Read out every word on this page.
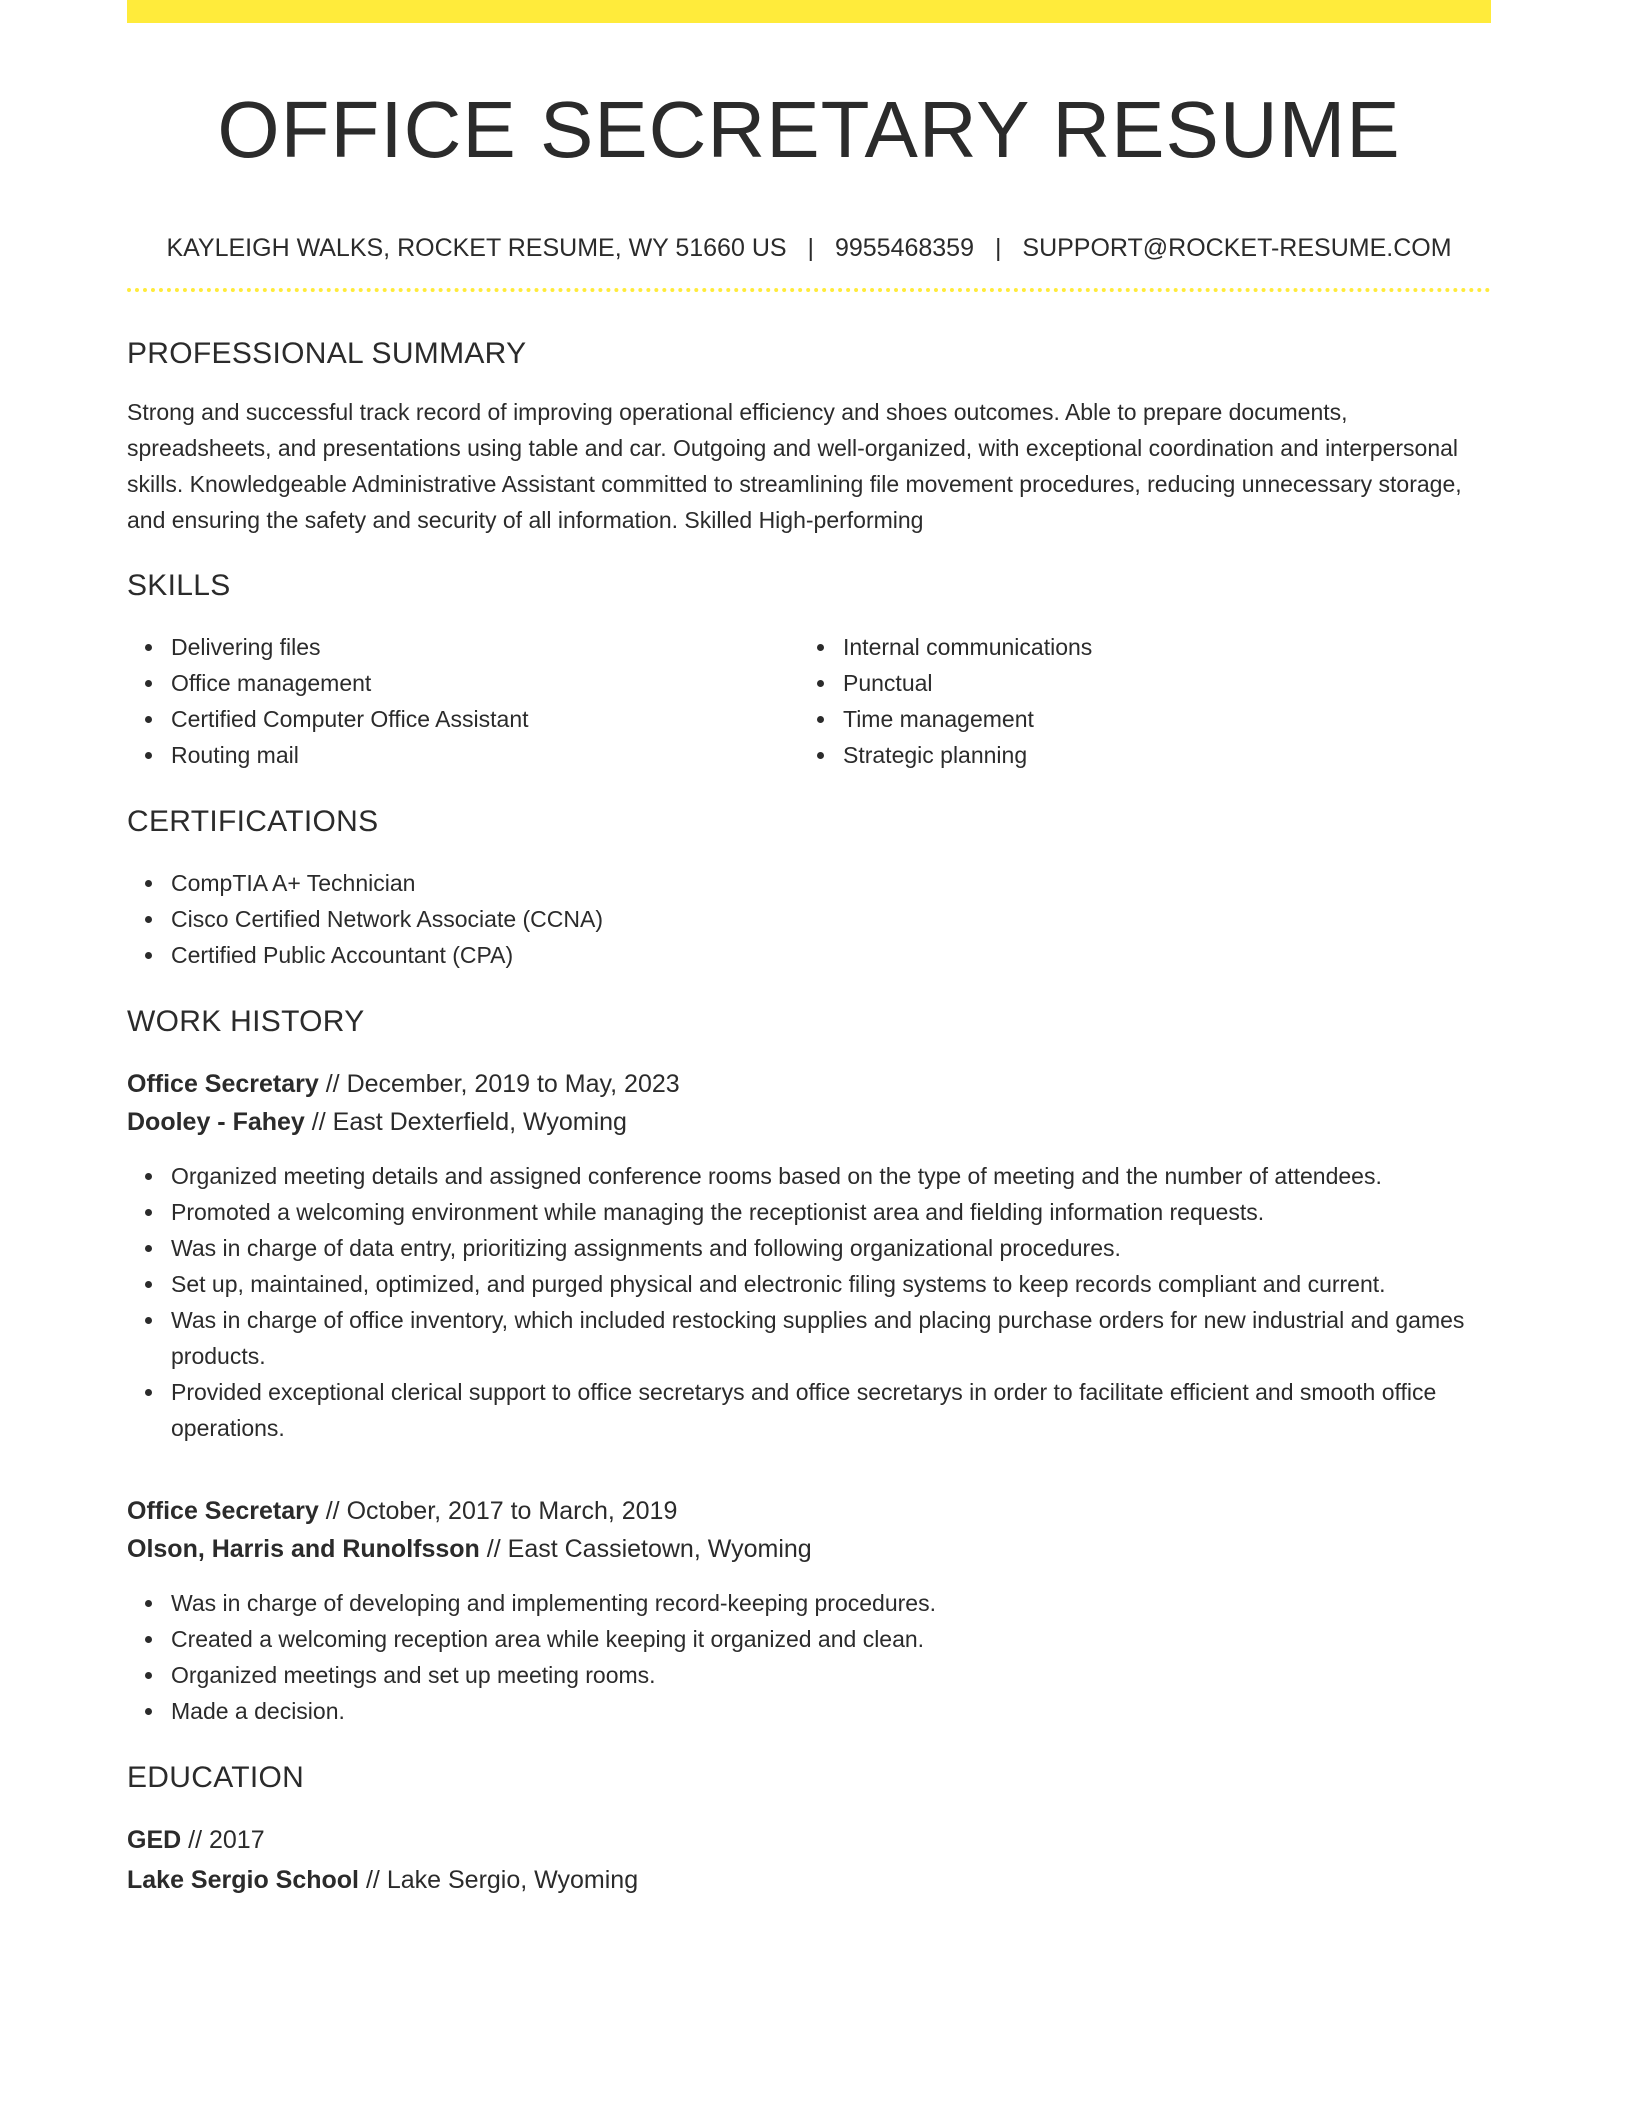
OFFICE SECRETARY RESUME
KAYLEIGH WALKS, ROCKET RESUME, WY 51660 US | 9955468359 | SUPPORT@ROCKET-RESUME.COM
PROFESSIONAL SUMMARY

Strong and successful track record of improving operational efficiency and shoes outcomes. Able to prepare documents, spreadsheets, and presentations using table and car. Outgoing and well-organized, with exceptional coordination and interpersonal skills. Knowledgeable Administrative Assistant committed to streamlining file movement procedures, reducing unnecessary storage, and ensuring the safety and security of all information. Skilled High-performing

SKILLS
Delivering files
Office management
Certified Computer Office Assistant
Routing mail
Internal communications
Punctual
Time management
Strategic planning
CERTIFICATIONS
CompTIA A+ Technician
Cisco Certified Network Associate (CCNA)
Certified Public Accountant (CPA)
WORK HISTORY
Office Secretary // December, 2019 to May, 2023
Dooley - Fahey // East Dexterfield, Wyoming
Organized meeting details and assigned conference rooms based on the type of meeting and the number of attendees.
Promoted a welcoming environment while managing the receptionist area and fielding information requests.
Was in charge of data entry, prioritizing assignments and following organizational procedures.
Set up, maintained, optimized, and purged physical and electronic filing systems to keep records compliant and current.
Was in charge of office inventory, which included restocking supplies and placing purchase orders for new industrial and games products.
Provided exceptional clerical support to office secretarys and office secretarys in order to facilitate efficient and smooth office operations.
Office Secretary // October, 2017 to March, 2019
Olson, Harris and Runolfsson // East Cassietown, Wyoming
Was in charge of developing and implementing record-keeping procedures.
Created a welcoming reception area while keeping it organized and clean.
Organized meetings and set up meeting rooms.
Made a decision.
EDUCATION
GED // 2017
Lake Sergio School // Lake Sergio, Wyoming
